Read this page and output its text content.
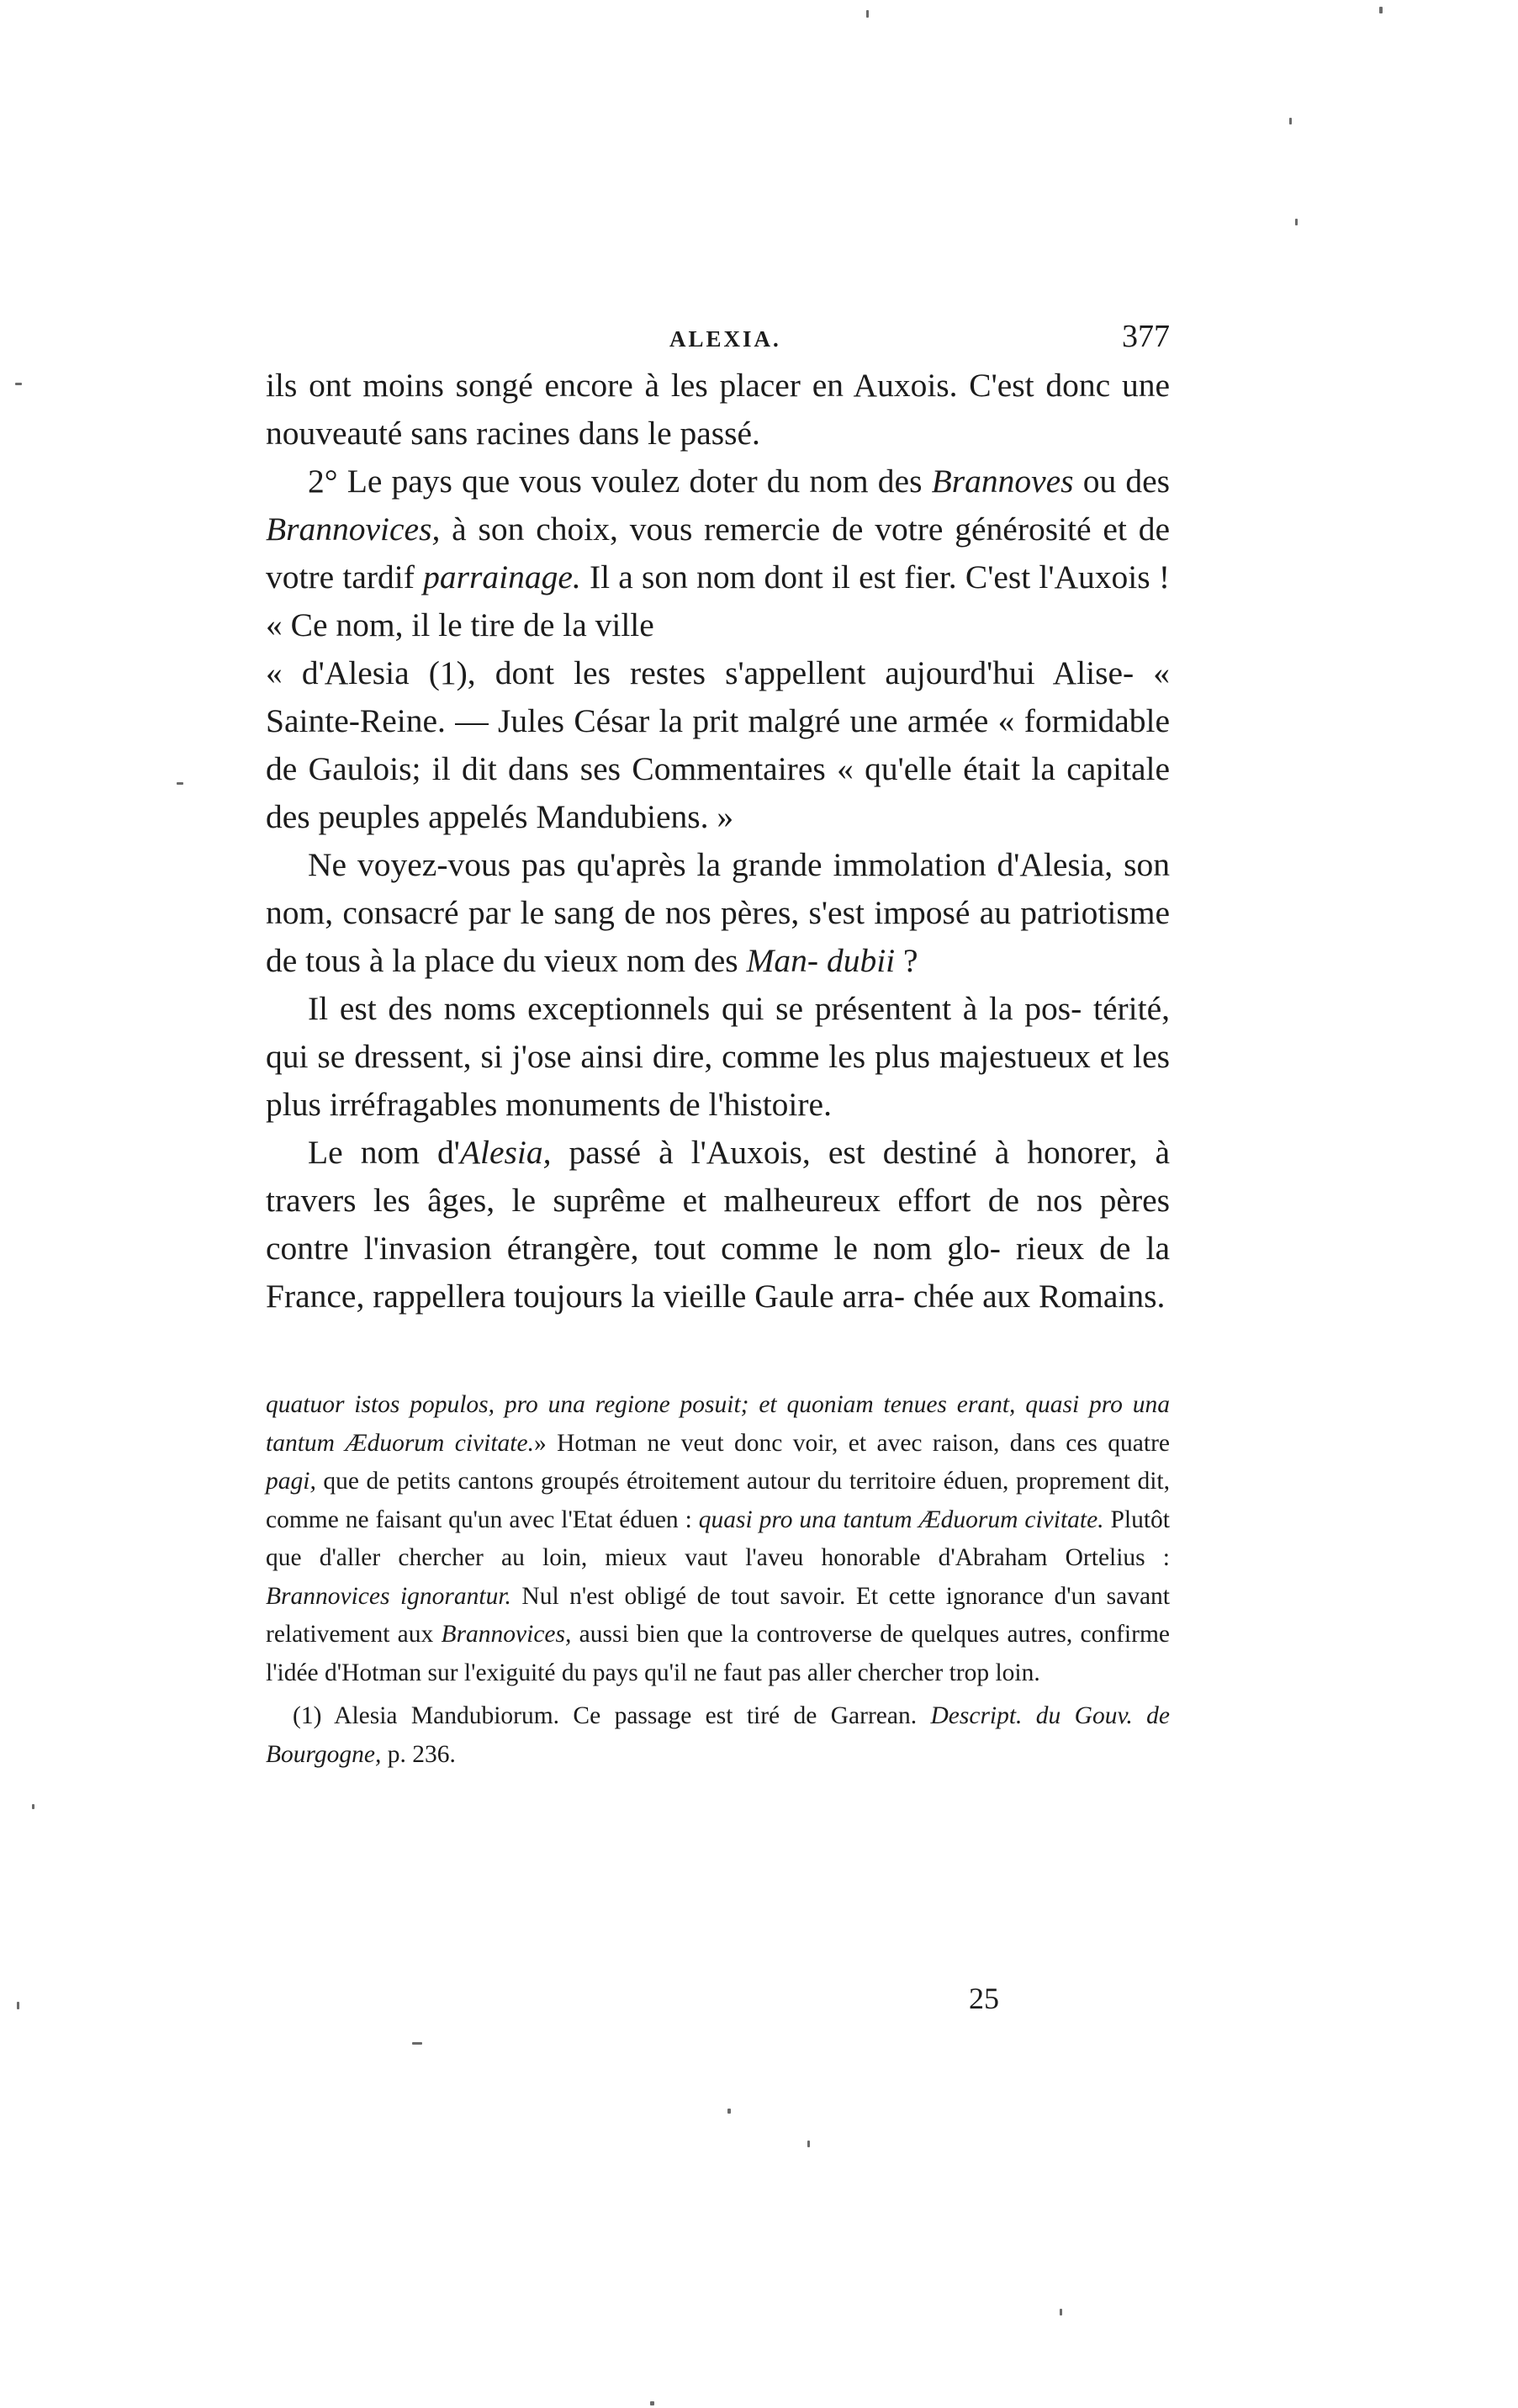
ALEXIA.	377

ils ont moins songé encore à les placer en Auxois. C'est donc une nouveauté sans racines dans le passé.

2° Le pays que vous voulez doter du nom des Brannoves ou des Brannovices, à son choix, vous remercie de votre générosité et de votre tardif parrainage. Il a son nom dont il est fier. C'est l'Auxois ! « Ce nom, il le tire de la ville

« d'Alesia (1), dont les restes s'appellent aujourd'hui Alise- « Sainte-Reine. — Jules César la prit malgré une armée « formidable de Gaulois; il dit dans ses Commentaires « qu'elle était la capitale des peuples appelés Mandubiens. »

Ne voyez-vous pas qu'après la grande immolation d'Alesia, son nom, consacré par le sang de nos pères, s'est imposé au patriotisme de tous à la place du vieux nom des Man- dubii ?

Il est des noms exceptionnels qui se présentent à la pos- térité, qui se dressent, si j'ose ainsi dire, comme les plus majestueux et les plus irréfragables monuments de l'histoire.

Le nom d'Alesia, passé à l'Auxois, est destiné à honorer, à travers les âges, le suprême et malheureux effort de nos pères contre l'invasion étrangère, tout comme le nom glo- rieux de la France, rappellera toujours la vieille Gaule arra- chée aux Romains.

quatuor istos populos, pro una regione posuit; et quoniam tenues erant, quasi pro una tantum Æduorum civitate.» Hotman ne veut donc voir, et avec raison, dans ces quatre pagi, que de petits cantons groupés étroitement autour du territoire éduen, proprement dit, comme ne faisant qu'un avec l'Etat éduen : quasi pro una tantum Æduorum civitate. Plutôt que d'aller chercher au loin, mieux vaut l'aveu honorable d'Abraham Ortelius : Brannovices ignorantur. Nul n'est obligé de tout savoir. Et cette ignorance d'un savant relativement aux Brannovices, aussi bien que la controverse de quelques autres, confirme l'idée d'Hotman sur l'exiguité du pays qu'il ne faut pas aller chercher trop loin.

(1) Alesia Mandubiorum. Ce passage est tiré de Garrean. Descript. du Gouv. de Bourgogne, p. 236.

25
